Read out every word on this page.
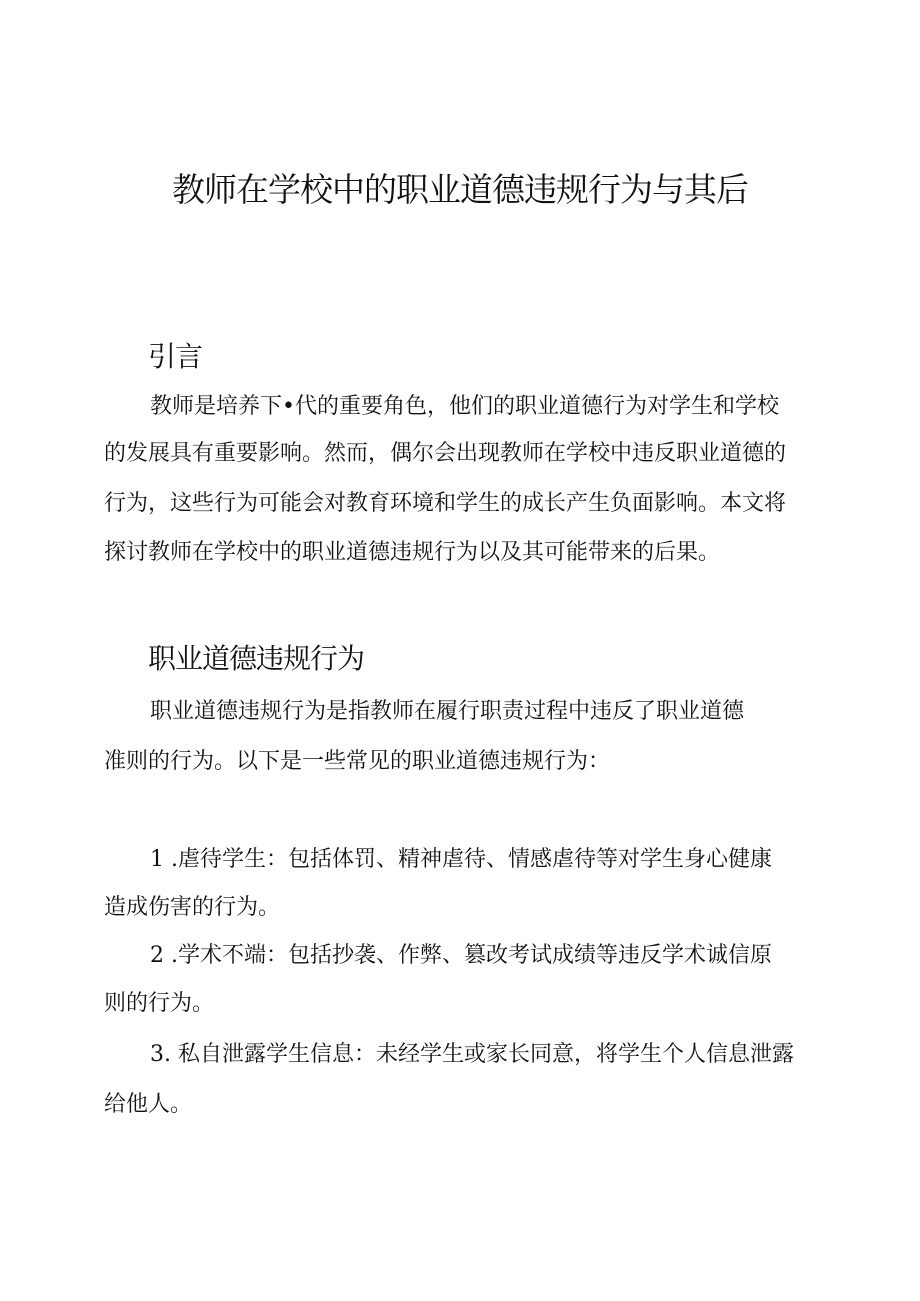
教师在学校中的职业道德违规行为与其后
引言

教师是培养下•代的重要角色，他们的职业道德行为对学生和学校

的发展具有重要影响。然而，偶尔会出现教师在学校中违反职业道德的

行为，这些行为可能会对教育环境和学生的成长产生负面影响。本文将

探讨教师在学校中的职业道德违规行为以及其可能带来的后果。

职业道德违规行为

职业道德违规行为是指教师在履行职责过程中违反了职业道德

准则的行为。以下是一些常见的职业道德违规行为：

1 .虐待学生：包括体罚、精神虐待、情感虐待等对学生身心健康

造成伤害的行为。

2 .学术不端：包括抄袭、作弊、篡改考试成绩等违反学术诚信原

则的行为。

3. 私自泄露学生信息：未经学生或家长同意，将学生个人信息泄露

给他人。
